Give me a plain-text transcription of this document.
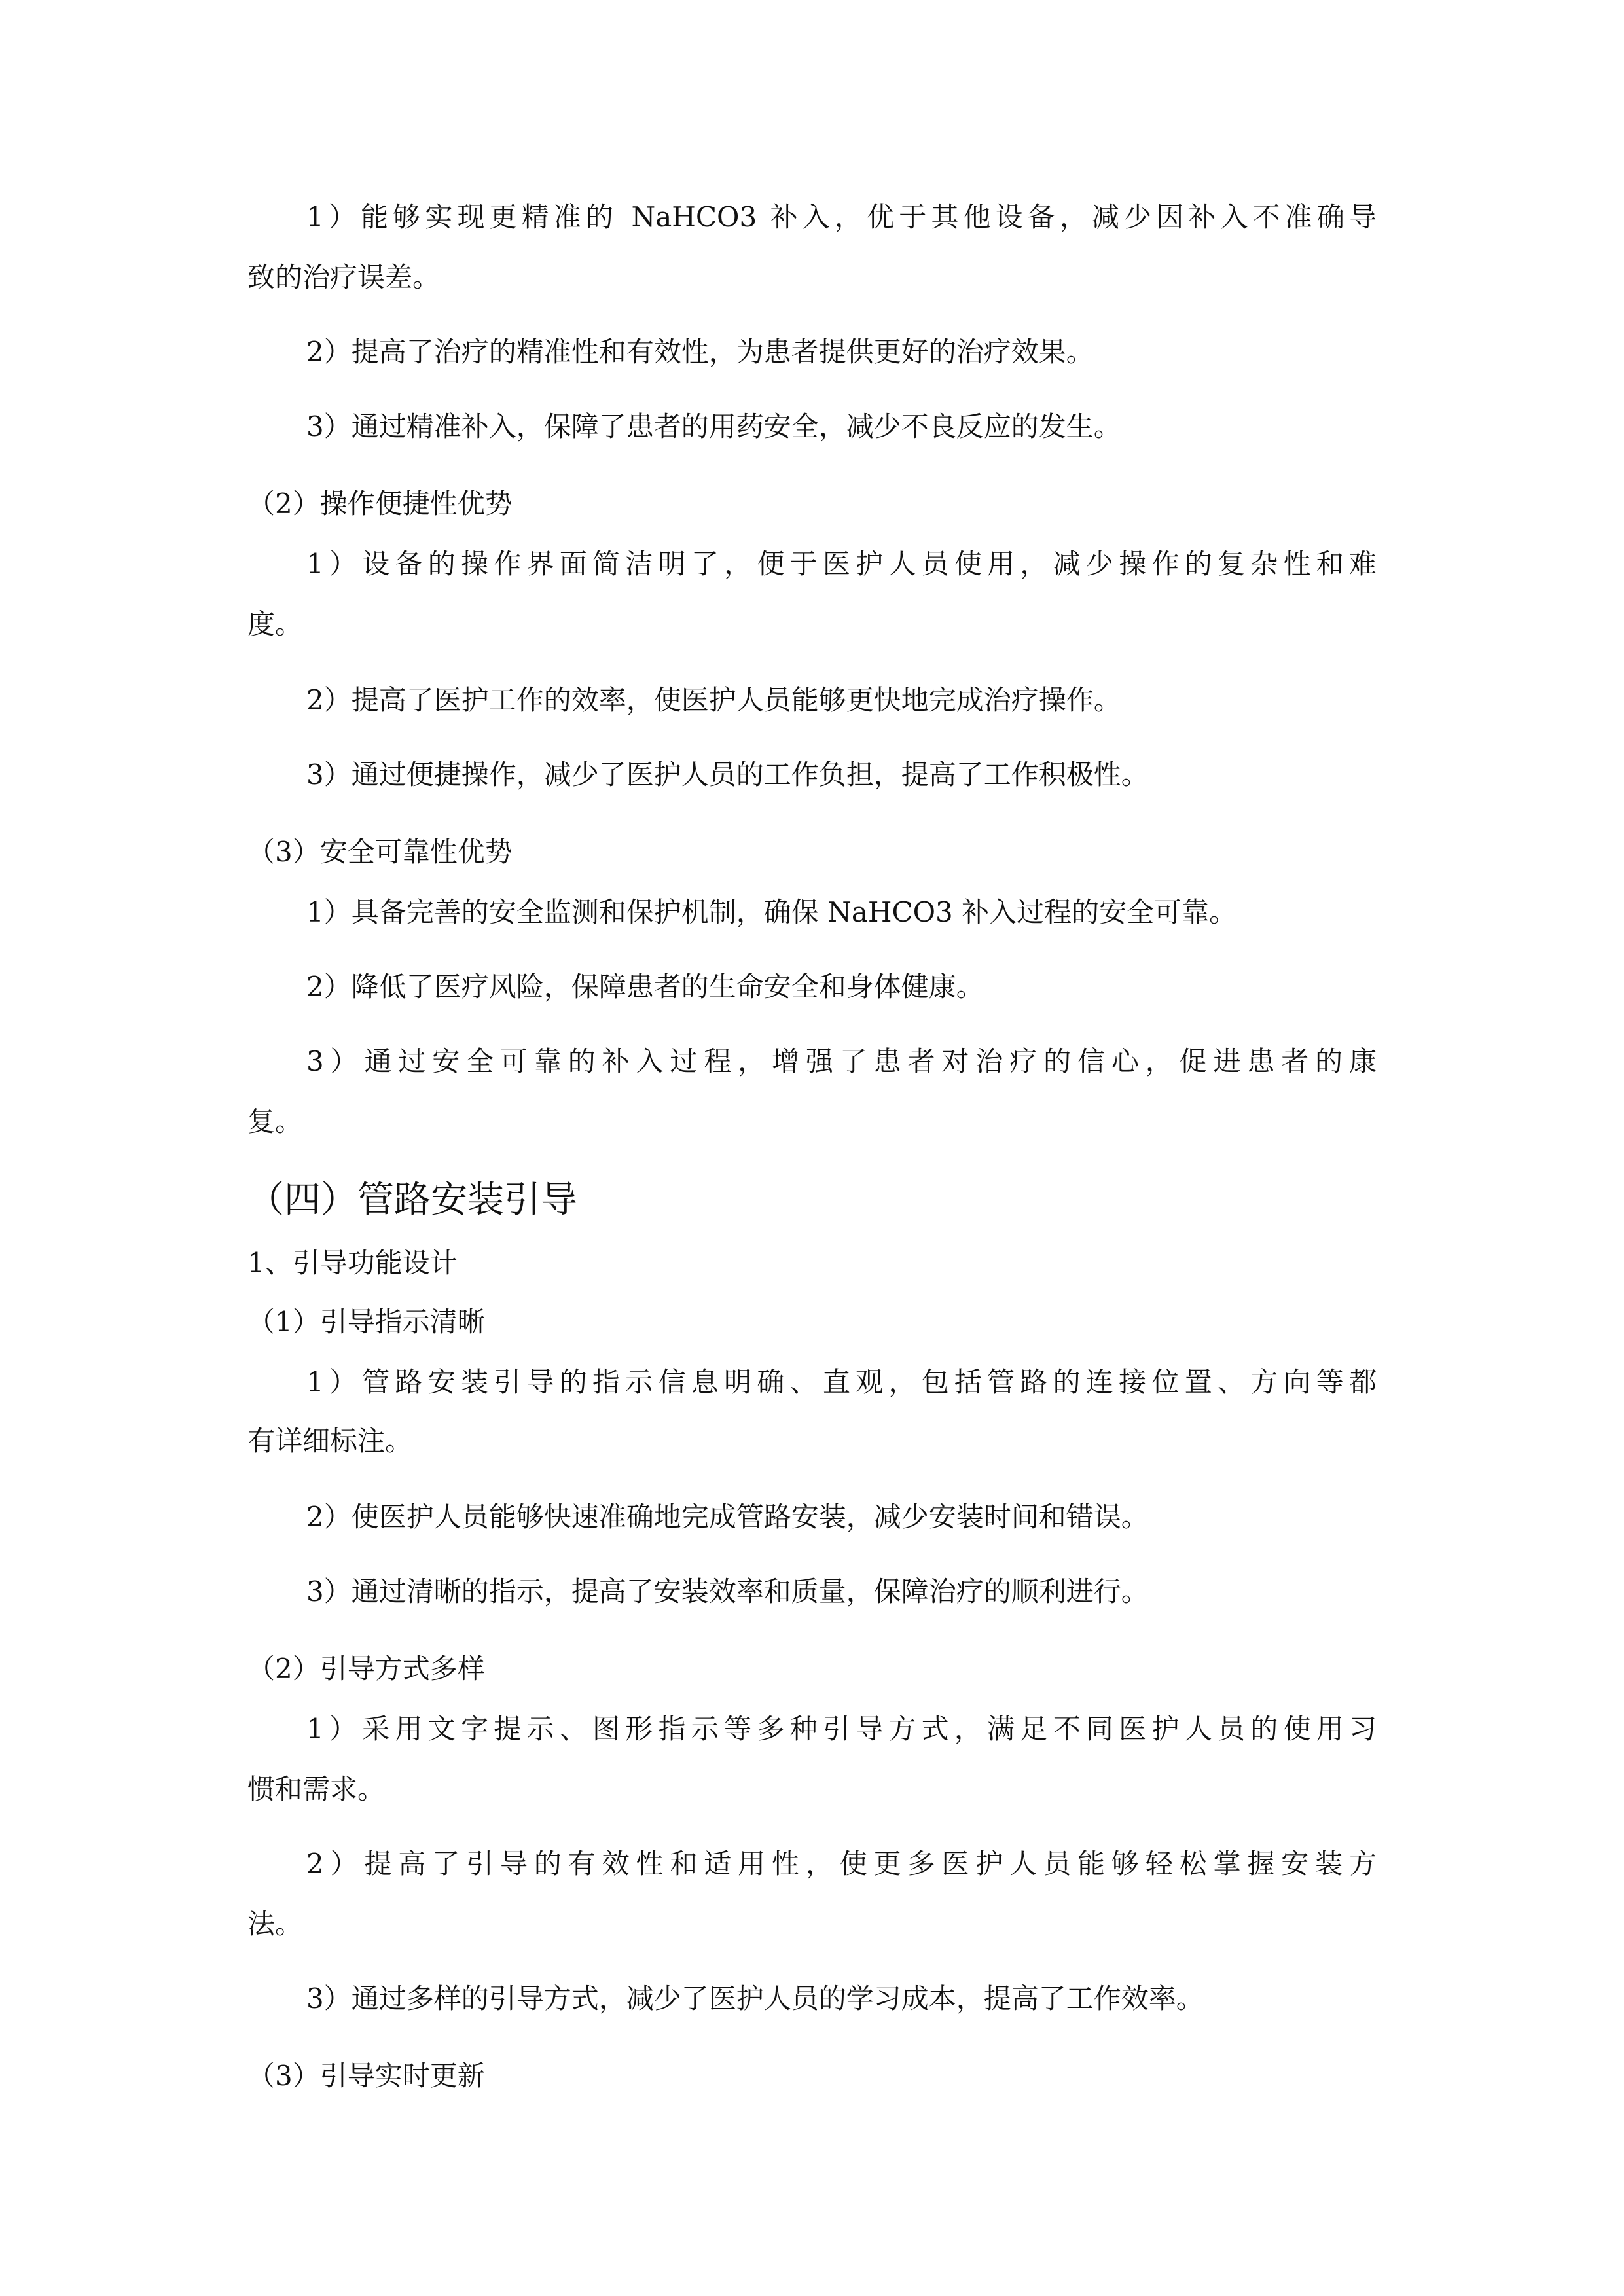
1）能够实现更精准的 NaHCO3 补入，优于其他设备，减少因补入不准确导
致的治疗误差。
2）提高了治疗的精准性和有效性，为患者提供更好的治疗效果。
3）通过精准补入，保障了患者的用药安全，减少不良反应的发生。
（2）操作便捷性优势
1）设备的操作界面简洁明了，便于医护人员使用，减少操作的复杂性和难
度。
2）提高了医护工作的效率，使医护人员能够更快地完成治疗操作。
3）通过便捷操作，减少了医护人员的工作负担，提高了工作积极性。
（3）安全可靠性优势
1）具备完善的安全监测和保护机制，确保 NaHCO3 补入过程的安全可靠。
2）降低了医疗风险，保障患者的生命安全和身体健康。
3）通过安全可靠的补入过程，增强了患者对治疗的信心，促进患者的康
复。
（四）管路安装引导
1、引导功能设计
（1）引导指示清晰
1）管路安装引导的指示信息明确、直观，包括管路的连接位置、方向等都
有详细标注。
2）使医护人员能够快速准确地完成管路安装，减少安装时间和错误。
3）通过清晰的指示，提高了安装效率和质量，保障治疗的顺利进行。
（2）引导方式多样
1）采用文字提示、图形指示等多种引导方式，满足不同医护人员的使用习
惯和需求。
2）提高了引导的有效性和适用性，使更多医护人员能够轻松掌握安装方
法。
3）通过多样的引导方式，减少了医护人员的学习成本，提高了工作效率。
（3）引导实时更新
